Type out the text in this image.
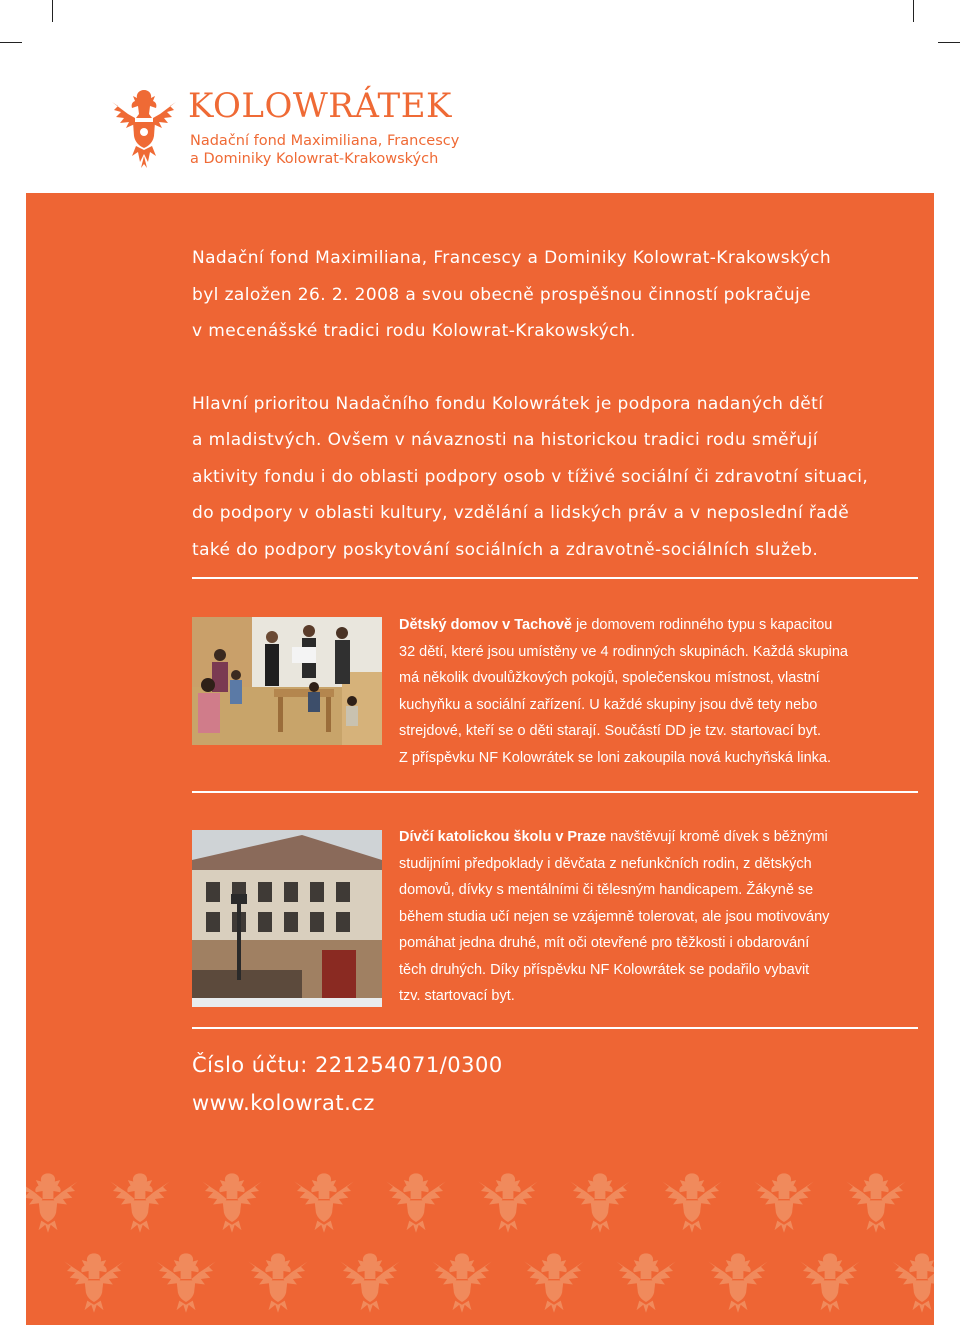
KOLOWRÁTEK
Nadační fond Maximiliana, Francescy
a Dominiky Kolowrat-Krakowských

Nadační fond Maximiliana, Francescy a Dominiky Kolowrat-Krakowských
byl založen 26. 2. 2008 a svou obecně prospěšnou činností pokračuje
v mecenášské tradici rodu Kolowrat-Krakowských.

Hlavní prioritou Nadačního fondu Kolowrátek je podpora nadaných dětí
a mladistvých. Ovšem v návaznosti na historickou tradici rodu směřují
aktivity fondu i do oblasti podpory osob v tíživé sociální či zdravotní situaci,
do podpory v oblasti kultury, vzdělání a lidských práv a v neposlední řadě
také do podpory poskytování sociálních a zdravotně-sociálních služeb.

Dětský domov v Tachově je domovem rodinného typu s kapacitou
32 dětí, které jsou umístěny ve 4 rodinných skupinách. Každá skupina
má několik dvoulůžkových pokojů, společenskou místnost, vlastní
kuchyňku a sociální zařízení. U každé skupiny jsou dvě tety nebo
strejdové, kteří se o děti starají. Součástí DD je tzv. startovací byt.
Z příspěvku NF Kolowrátek se loni zakoupila nová kuchyňská linka.
Dívčí katolickou školu v Praze navštěvují kromě dívek s běžnými
studijními předpoklady i děvčata z nefunkčních rodin, z dětských
domovů, dívky s mentálními či tělesným handicapem. Žákyně se
během studia učí nejen se vzájemně tolerovat, ale jsou motivovány
pomáhat jedna druhé, mít oči otevřené pro těžkosti i obdarování
těch druhých. Díky příspěvku NF Kolowrátek se podařilo vybavit
tzv. startovací byt.
Číslo účtu: 221254071/0300
www.kolowrat.cz
